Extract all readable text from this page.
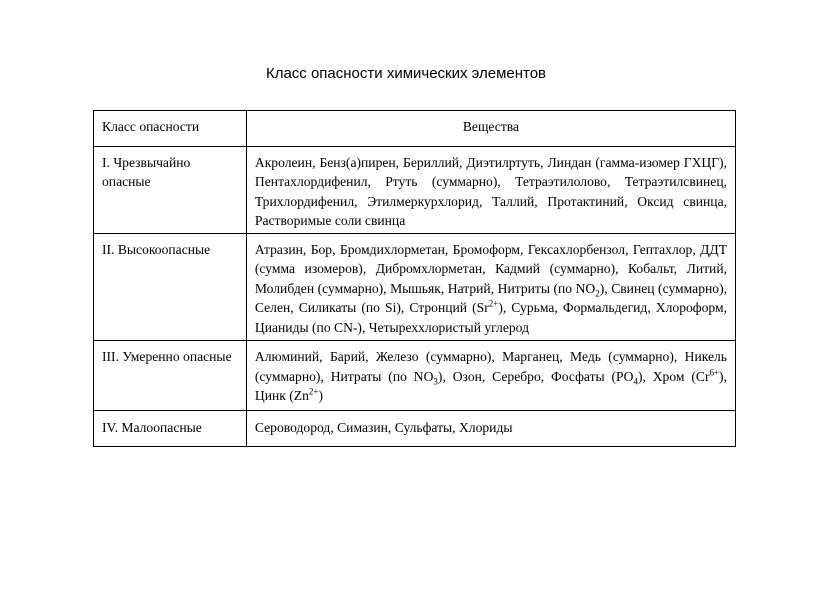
Класс опасности химических элементов
Класс опасности	Вещества
I. Чрезвычайно опасные	Акролеин, Бенз(а)пирен, Бериллий, Диэтилртуть, Линдан (гамма-изомер ГХЦГ), Пентахлордифенил, Ртуть (суммарно), Тетраэтилолово, Тетраэтилсвинец, Трихлордифенил, Этилмеркурхлорид, Таллий, Протактиний, Оксид свинца, Растворимые соли свинца
II. Высокоопасные	Атразин, Бор, Бромдихлорметан, Бромоформ, Гексахлорбензол, Гептахлор, ДДТ (сумма изомеров), Дибромхлорметан, Кадмий (суммарно), Кобальт, Литий, Молибден (суммарно), Мышьяк, Натрий, Нитриты (по $NO_2$), Свинец (суммарно), Селен, Силикаты (по Si), Стронций $(Sr^{2+})$, Сурьма, Формальдегид, Хлороформ, Цианиды (по CN-), Четыреххлористый углерод
III. Умеренно опасные	Алюминий, Барий, Железо (суммарно), Марганец, Медь (суммарно), Никель (суммарно), Нитраты (по $NO_3$), Озон, Серебро, Фосфаты $(PO_4)$, Хром $(Cr^{6+})$, Цинк $(Zn^{2+})$
IV. Малоопасные	Сероводород, Симазин, Сульфаты, Хлориды
